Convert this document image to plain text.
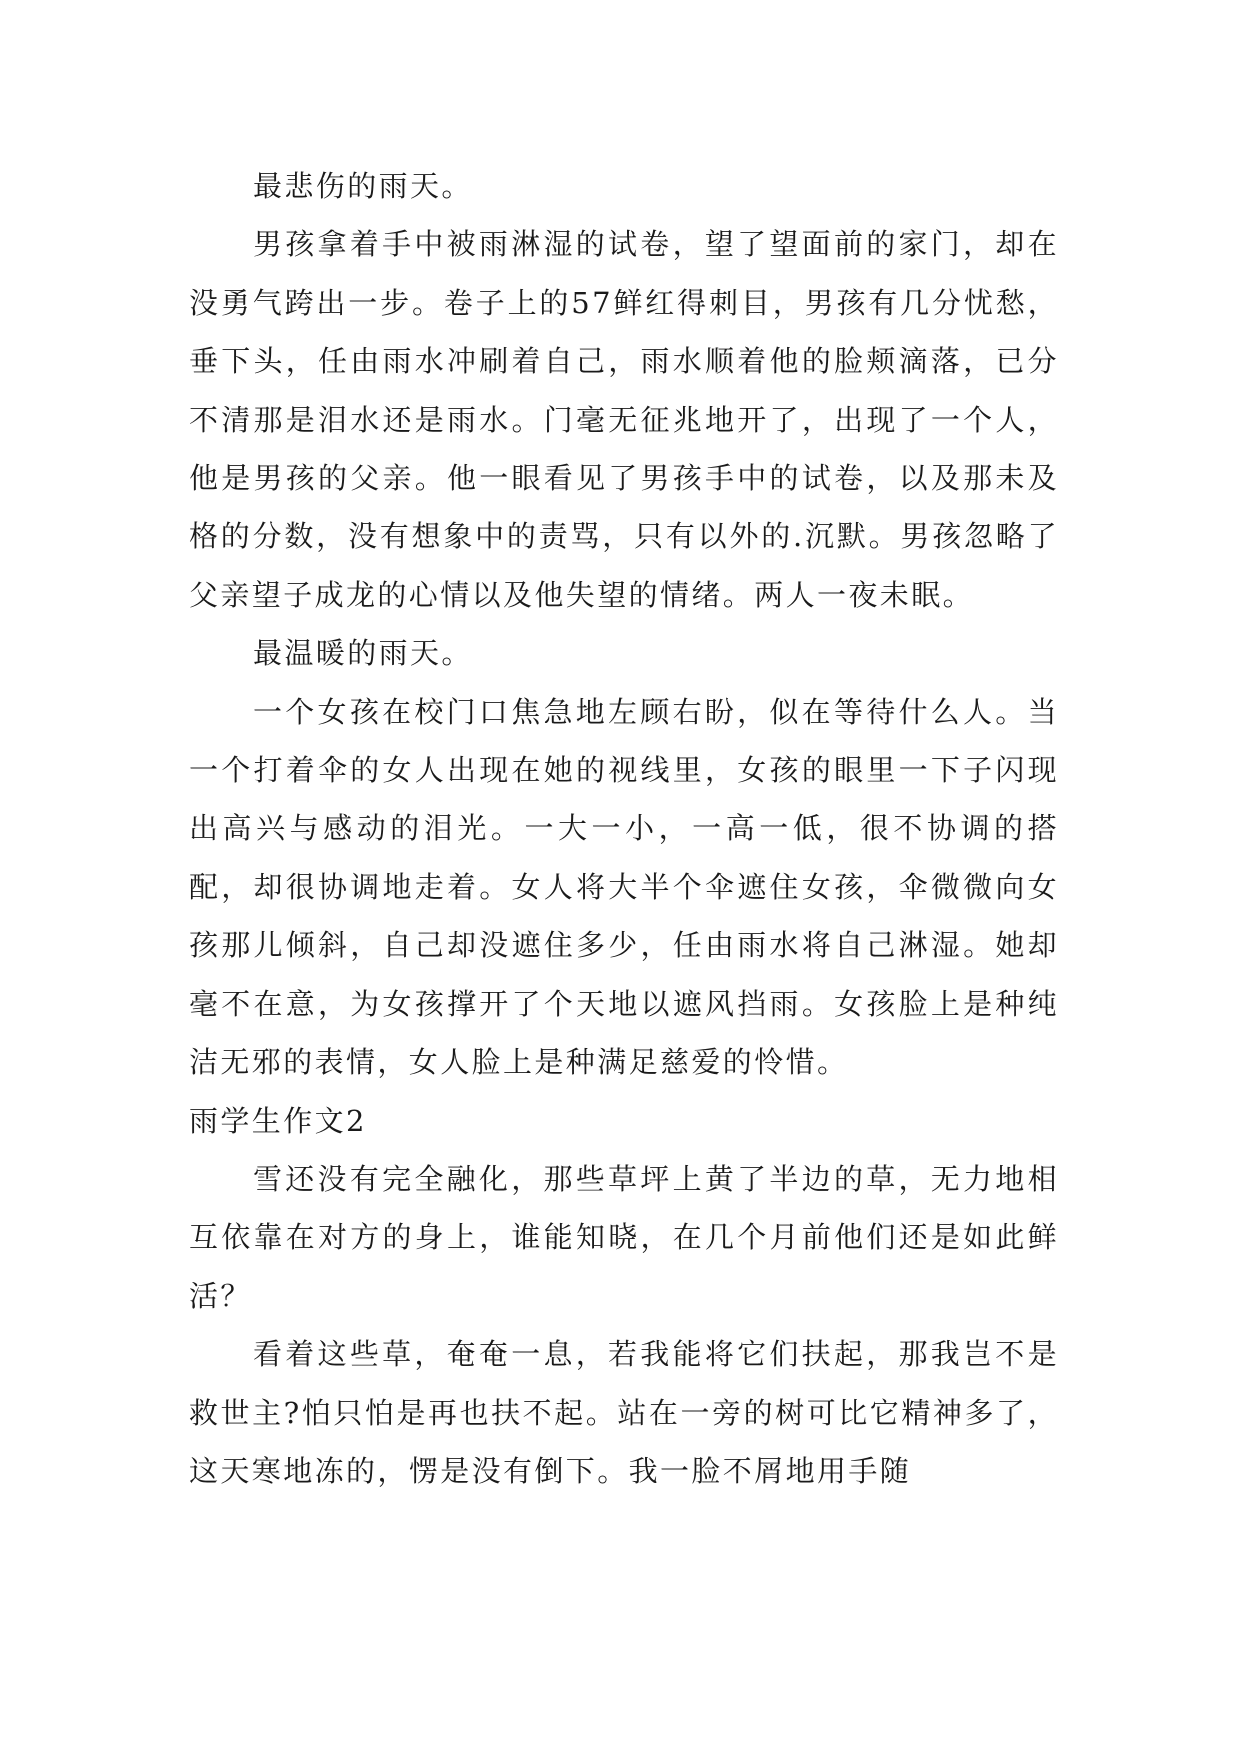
最悲伤的雨天。

男孩拿着手中被雨淋湿的试卷，望了望面前的家门，却在没勇气跨出一步。卷子上的57鲜红得刺目，男孩有几分忧愁，垂下头，任由雨水冲刷着自己，雨水顺着他的脸颊滴落，已分不清那是泪水还是雨水。门毫无征兆地开了，出现了一个人，他是男孩的父亲。他一眼看见了男孩手中的试卷，以及那未及格的分数，没有想象中的责骂，只有以外的.沉默。男孩忽略了父亲望子成龙的心情以及他失望的情绪。两人一夜未眠。

最温暖的雨天。

一个女孩在校门口焦急地左顾右盼，似在等待什么人。当一个打着伞的女人出现在她的视线里，女孩的眼里一下子闪现出高兴与感动的泪光。一大一小，一高一低，很不协调的搭配，却很协调地走着。女人将大半个伞遮住女孩，伞微微向女孩那儿倾斜，自己却没遮住多少，任由雨水将自己淋湿。她却毫不在意，为女孩撑开了个天地以遮风挡雨。女孩脸上是种纯洁无邪的表情，女人脸上是种满足慈爱的怜惜。

雨学生作文2

雪还没有完全融化，那些草坪上黄了半边的草，无力地相互依靠在对方的身上，谁能知晓，在几个月前他们还是如此鲜活？

看着这些草，奄奄一息，若我能将它们扶起，那我岂不是救世主?怕只怕是再也扶不起。站在一旁的树可比它精神多了，这天寒地冻的，愣是没有倒下。我一脸不屑地用手随
